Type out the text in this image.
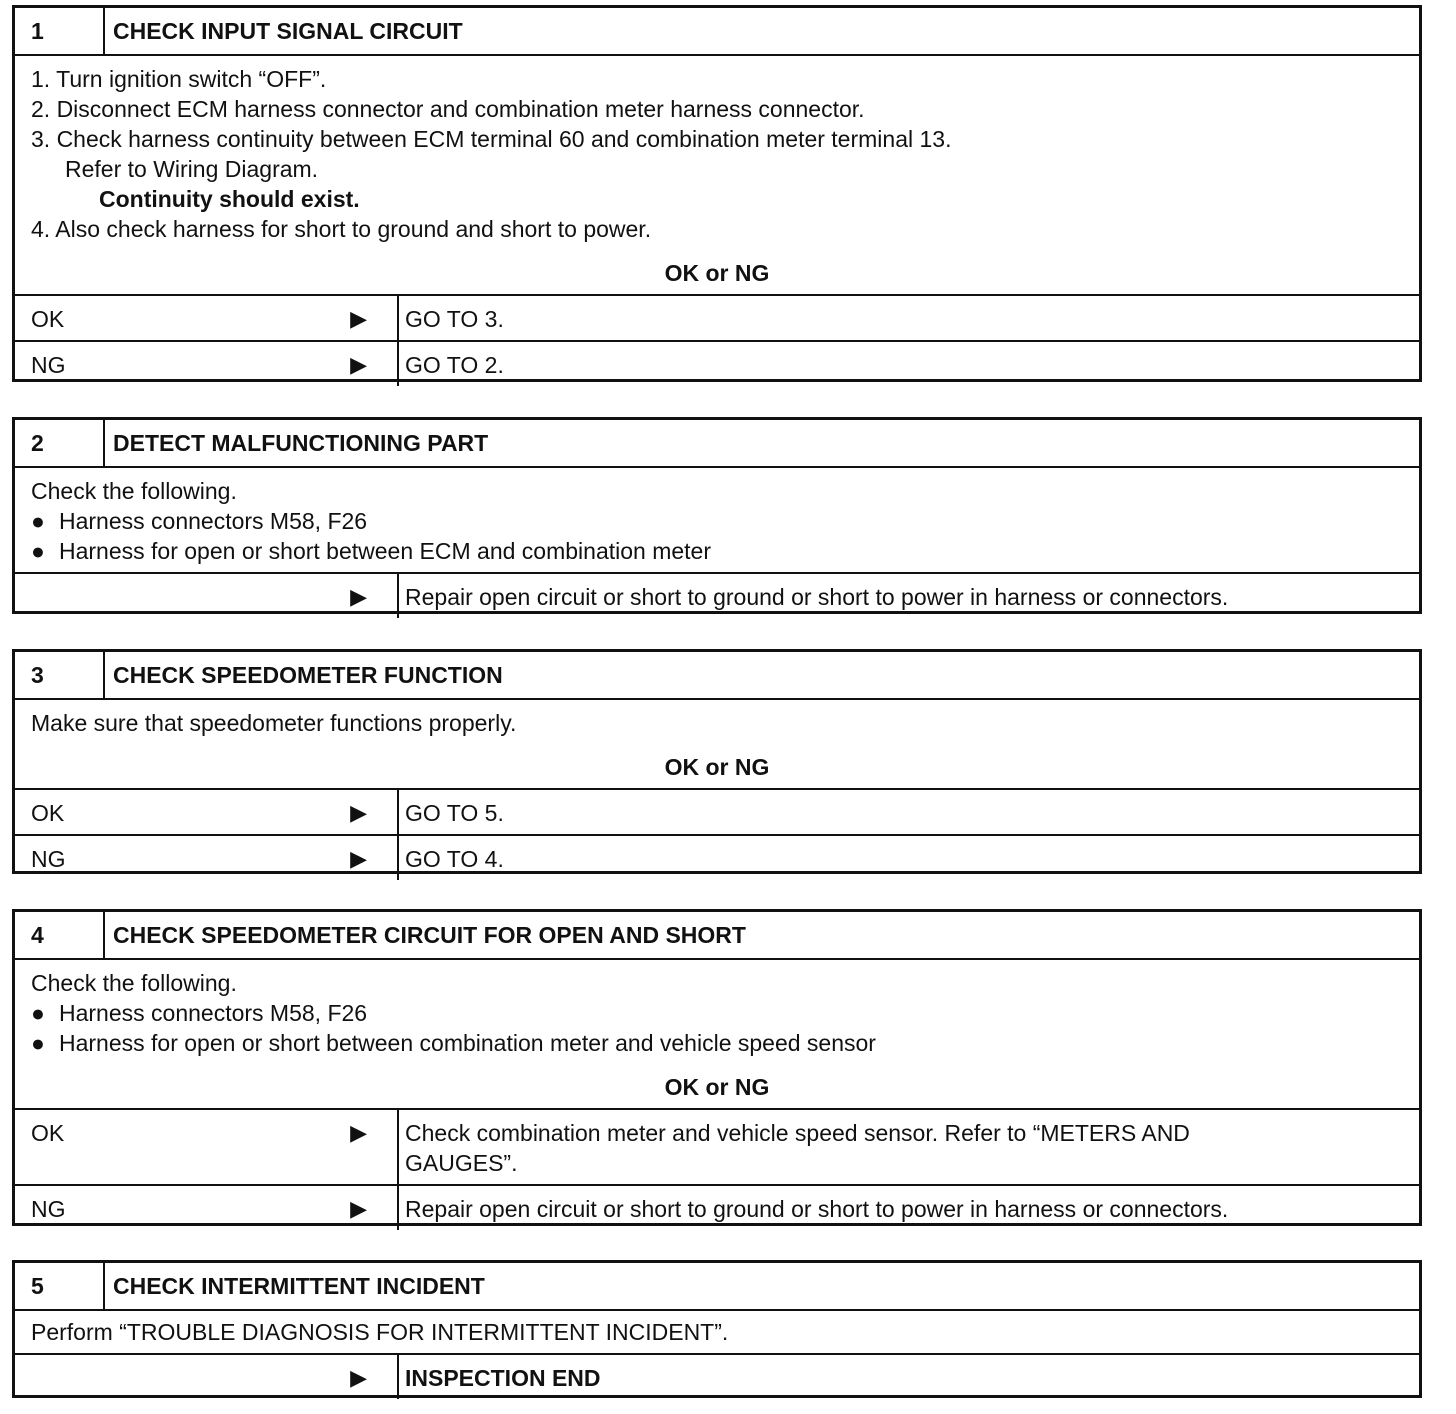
1	CHECK INPUT SIGNAL CIRCUIT
1. Turn ignition switch “OFF”.
2. Disconnect ECM harness connector and combination meter harness connector.
3. Check harness continuity between ECM terminal 60 and combination meter terminal 13.
Refer to Wiring Diagram.
Continuity should exist.
4. Also check harness for short to ground and short to power.
OK or NG
OK	▶ GO TO 3.
NG	▶ GO TO 2.
2	DETECT MALFUNCTIONING PART
Check the following.
● Harness connectors M58, F26
● Harness for open or short between ECM and combination meter
▶ Repair open circuit or short to ground or short to power in harness or connectors.
3	CHECK SPEEDOMETER FUNCTION
Make sure that speedometer functions properly.
OK or NG
OK	▶ GO TO 5.
NG	▶ GO TO 4.
4	CHECK SPEEDOMETER CIRCUIT FOR OPEN AND SHORT
Check the following.
● Harness connectors M58, F26
● Harness for open or short between combination meter and vehicle speed sensor
OK or NG
OK	▶ Check combination meter and vehicle speed sensor. Refer to “METERS AND GAUGES”.
NG	▶ Repair open circuit or short to ground or short to power in harness or connectors.
5	CHECK INTERMITTENT INCIDENT
Perform “TROUBLE DIAGNOSIS FOR INTERMITTENT INCIDENT”.
▶ INSPECTION END
